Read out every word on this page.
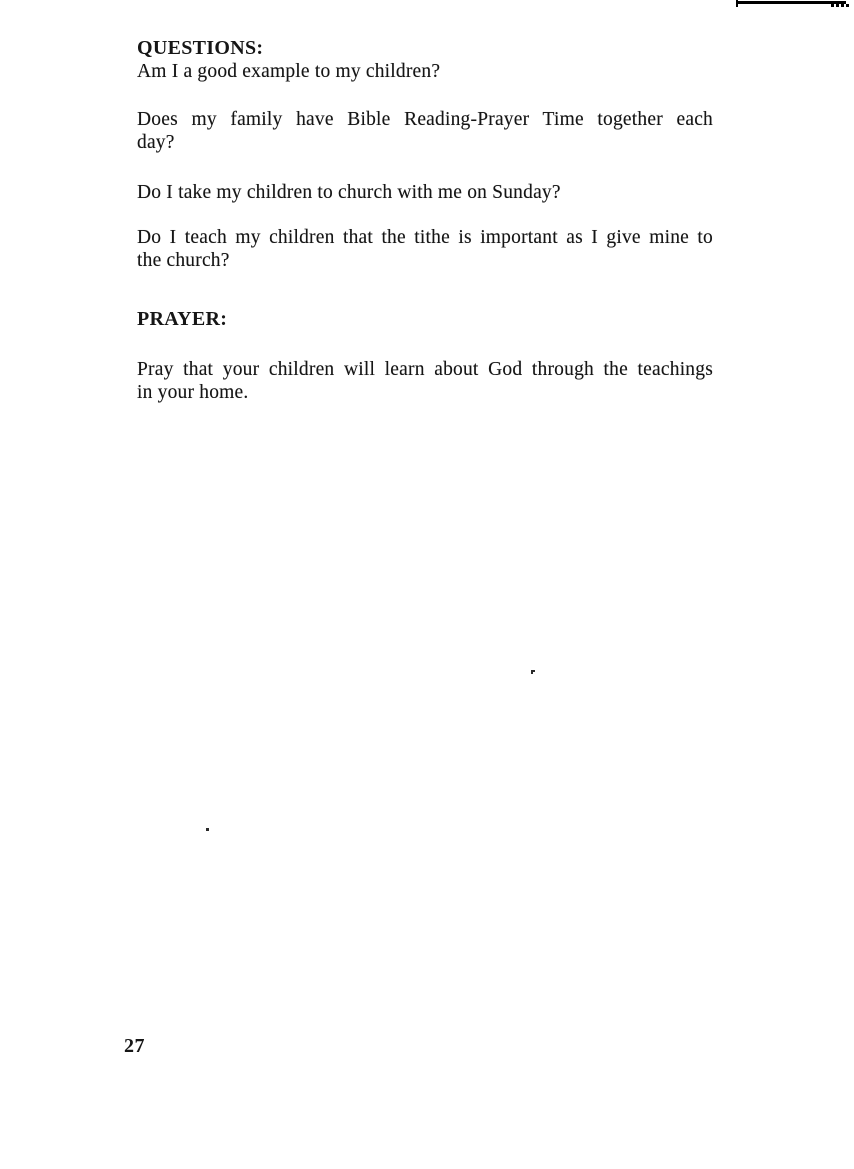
QUESTIONS:
Am I a good example to my children?
Does my family have Bible Reading-Prayer Time together each
day?
Do I take my children to church with me on Sunday?
Do I teach my children that the tithe is important as I give mine to
the church?
PRAYER:
Pray that your children will learn about God through the teachings
in your home.
27
